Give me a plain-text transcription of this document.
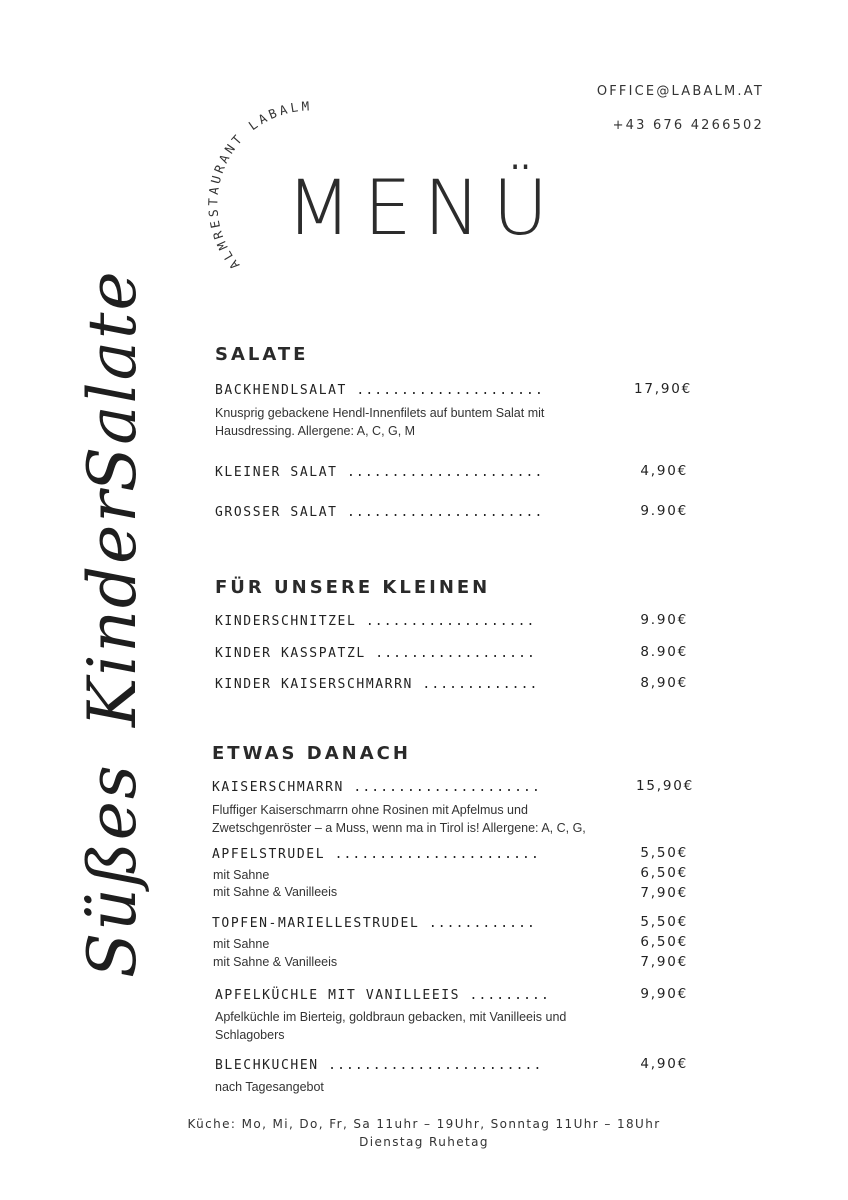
OFFICE@LABALM.AT
+43 676 4266502
ALMRESTAURANT LABALM
MENÜ
Salate
Kinder
Süßes
SALATE
BACKHENDLSALAT .....................	17,90€
Knusprig gebackene Hendl-Innenfilets auf buntem Salat mit
Hausdressing. Allergene: A, C, G, M
KLEINER SALAT ......................	4,90€
GROSSER SALAT ......................	9.90€
FÜR UNSERE KLEINEN
KINDERSCHNITZEL ...................	9.90€
KINDER KASSPATZL ..................	8.90€
KINDER KAISERSCHMARRN .............	8,90€
ETWAS DANACH
KAISERSCHMARRN .....................	15,90€
Fluffiger Kaiserschmarrn ohne Rosinen mit Apfelmus und
Zwetschgenröster – a Muss, wenn ma in Tirol is! Allergene: A, C, G,
APFELSTRUDEL .......................	5,50€
mit Sahne	6,50€
mit Sahne & Vanilleeis	7,90€
TOPFEN-MARIELLESTRUDEL ............	5,50€
mit Sahne	6,50€
mit Sahne & Vanilleeis	7,90€
APFELKÜCHLE MIT VANILLEEIS .........	9,90€
Apfelküchle im Bierteig, goldbraun gebacken, mit Vanilleeis und
Schlagobers
BLECHKUCHEN ........................	4,90€
nach Tagesangebot
Küche: Mo, Mi, Do, Fr, Sa 11uhr – 19Uhr, Sonntag 11Uhr – 18Uhr
Dienstag Ruhetag
